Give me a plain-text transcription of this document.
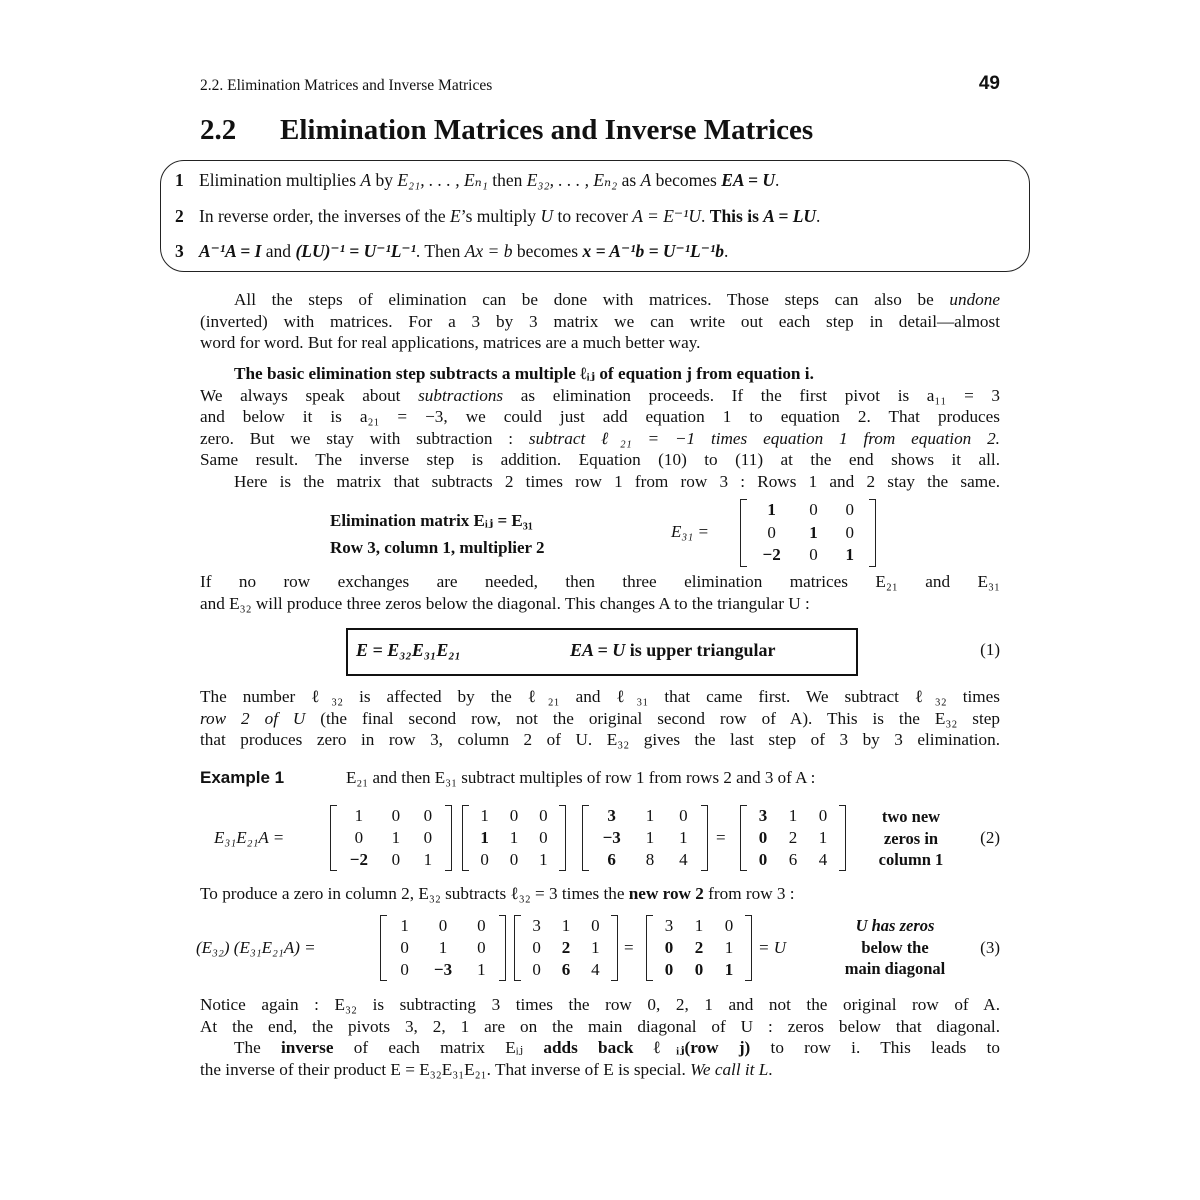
2.2. Elimination Matrices and Inverse Matrices	49
2.2 Elimination Matrices and Inverse Matrices
1 Elimination multiplies A by E₂₁, . . . , Eₙ₁ then E₃₂, . . . , Eₙ₂ as A becomes EA = U.
2 In reverse order, the inverses of the E’s multiply U to recover A = E⁻¹U. This is A = LU.
3 A⁻¹A = I and (LU)⁻¹ = U⁻¹L⁻¹. Then Ax = b becomes x = A⁻¹b = U⁻¹L⁻¹b.
All the steps of elimination can be done with matrices. Those steps can also be undone
(inverted) with matrices. For a 3 by 3 matrix we can write out each step in detail—almost
word for word. But for real applications, matrices are a much better way.
The basic elimination step subtracts a multiple ℓᵢⱼ of equation j from equation i.
We always speak about subtractions as elimination proceeds. If the first pivot is a₁₁ = 3
and below it is a₂₁ = −3, we could just add equation 1 to equation 2. That produces
zero. But we stay with subtraction : subtract ℓ₂₁ = −1 times equation 1 from equation 2.
Same result. The inverse step is addition. Equation (10) to (11) at the end shows it all.
Here is the matrix that subtracts 2 times row 1 from row 3 : Rows 1 and 2 stay the same.
Elimination matrix Eᵢⱼ = E₃₁
Row 3, column 1, multiplier 2
E₃₁ =
1	0	0
0	1	0
−2	0	1
If no row exchanges are needed, then three elimination matrices E₂₁ and E₃₁
and E₃₂ will produce three zeros below the diagonal. This changes A to the triangular U :
E = E₃₂E₃₁E₂₁	EA = U is upper triangular	(1)
The number ℓ₃₂ is affected by the ℓ₂₁ and ℓ₃₁ that came first. We subtract ℓ₃₂ times
row 2 of U (the final second row, not the original second row of A). This is the E₃₂ step
that produces zero in row 3, column 2 of U. E₃₂ gives the last step of 3 by 3 elimination.
Example 1	E₂₁ and then E₃₁ subtract multiples of row 1 from rows 2 and 3 of A :
E₃₁E₂₁A =
1	0	0
0	1	0
−2	0	1
1	0	0
1	1	0
0	0	1
3	1	0
−3	1	1
6	8	4
=
3	1	0
0	2	1
0	6	4
two new
zeros in
column 1
(2)
To produce a zero in column 2, E₃₂ subtracts ℓ₃₂ = 3 times the new row 2 from row 3 :
(E₃₂) (E₃₁E₂₁A) =
1	0	0
0	1	0
0	−3	1
3	1	0
0	2	1
0	6	4
=
3	1	0
0	2	1
0	0	1
= U
U has zeros
below the
main diagonal
(3)
Notice again : E₃₂ is subtracting 3 times the row 0, 2, 1 and not the original row of A.
At the end, the pivots 3, 2, 1 are on the main diagonal of U : zeros below that diagonal.
The inverse of each matrix Eᵢⱼ adds back ℓᵢⱼ(row j) to row i. This leads to
the inverse of their product E = E₃₂E₃₁E₂₁. That inverse of E is special. We call it L.
